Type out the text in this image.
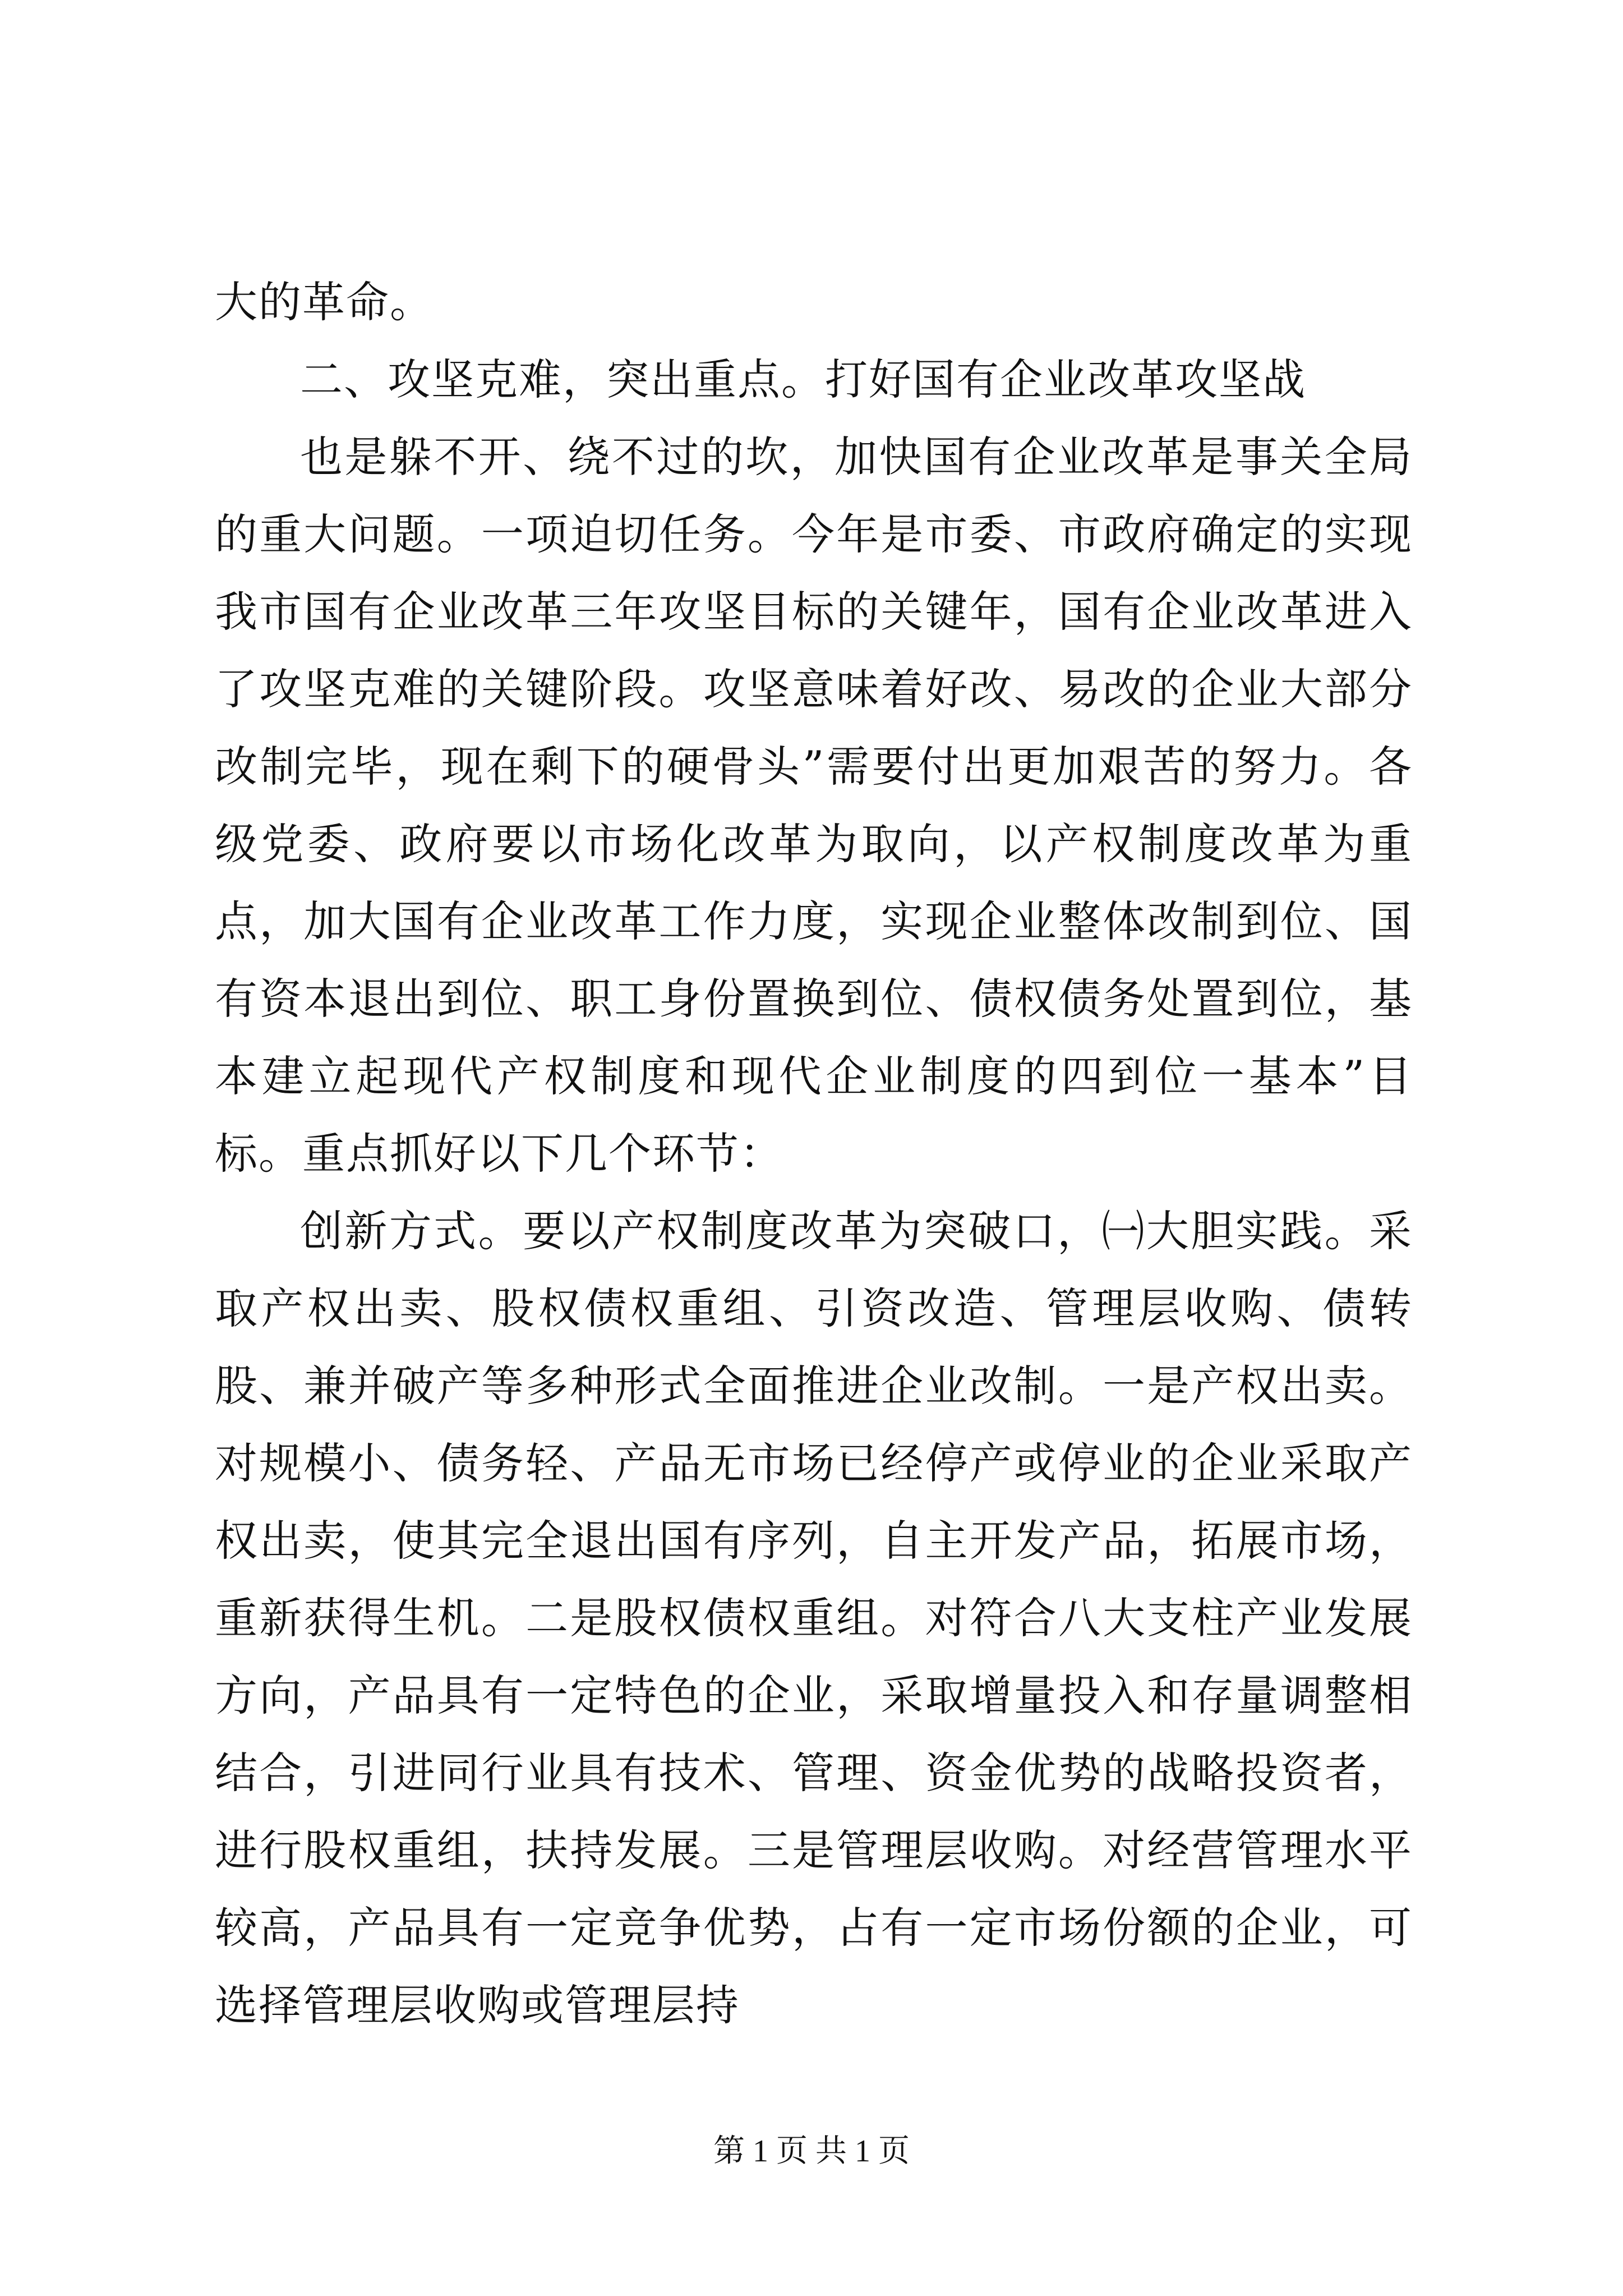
大的革命。

二、攻坚克难，突出重点。打好国有企业改革攻坚战

也是躲不开、绕不过的坎，加快国有企业改革是事关全局的重大问题。一项迫切任务。今年是市委、市政府确定的实现我市国有企业改革三年攻坚目标的关键年，国有企业改革进入了攻坚克难的关键阶段。攻坚意味着好改、易改的企业大部分改制完毕，现在剩下的硬骨头”需要付出更加艰苦的努力。各级党委、政府要以市场化改革为取向，以产权制度改革为重点，加大国有企业改革工作力度，实现企业整体改制到位、国有资本退出到位、职工身份置换到位、债权债务处置到位，基本建立起现代产权制度和现代企业制度的四到位一基本”目标。重点抓好以下几个环节：

创新方式。要以产权制度改革为突破口，㈠大胆实践。采取产权出卖、股权债权重组、引资改造、管理层收购、债转股、兼并破产等多种形式全面推进企业改制。一是产权出卖。对规模小、债务轻、产品无市场已经停产或停业的企业采取产权出卖，使其完全退出国有序列，自主开发产品，拓展市场，重新获得生机。二是股权债权重组。对符合八大支柱产业发展方向，产品具有一定特色的企业，采取增量投入和存量调整相结合，引进同行业具有技术、管理、资金优势的战略投资者，进行股权重组，扶持发展。三是管理层收购。对经营管理水平较高，产品具有一定竞争优势，占有一定市场份额的企业，可选择管理层收购或管理层持

第 1 页 共 1 页
